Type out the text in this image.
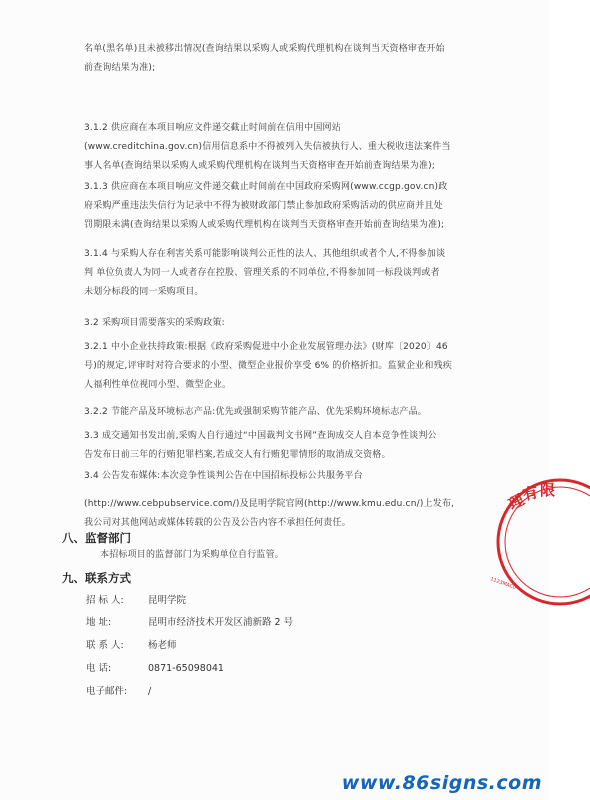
名单(黑名单)且未被移出情况(查询结果以采购人或采购代理机构在谈判当天资格审查开始
前查询结果为准);
3.1.2 供应商在本项目响应文件递交截止时间前在信用中国网站
(www.creditchina.gov.cn)信用信息系中不得被列入失信被执行人、重大税收违法案件当
事人名单(查询结果以采购人或采购代理机构在谈判当天资格审查开始前查询结果为准);
3.1.3 供应商在本项目响应文件递交截止时间前在中国政府采购网(www.ccgp.gov.cn)政
府采购严重违法失信行为记录中不得为被财政部门禁止参加政府采购活动的供应商并且处
罚期限未满(查询结果以采购人或采购代理机构在谈判当天资格审查开始前查询结果为准);
3.1.4 与采购人存在利害关系可能影响谈判公正性的法人、其他组织或者个人,不得参加谈
判 单位负责人为同一人或者存在控股、管理关系的不同单位,不得参加同一标段谈判或者
未划分标段的同一采购项目。
3.2 采购项目需要落实的采购政策:
3.2.1 中小企业扶持政策:根据《政府采购促进中小企业发展管理办法》(财库〔2020〕46
号)的规定,评审时对符合要求的小型、微型企业报价享受 6% 的价格折扣。监狱企业和残疾
人福利性单位视同小型、微型企业。
3.2.2 节能产品及环境标志产品:优先或强制采购节能产品、优先采购环境标志产品。
3.3 成交通知书发出前,采购人自行通过“中国裁判文书网”查询成交人自本竞争性谈判公
告发布日前三年的行贿犯罪档案,若成交人有行贿犯罪情形的取消成交资格。
3.4 公告发布媒体:本次竞争性谈判公告在中国招标投标公共服务平台
(http://www.cebpubservice.com/)及昆明学院官网(http://www.kmu.edu.cn/)上发布,
我公司对其他网站或媒体转载的公告及公告内容不承担任何责任。
八、监督部门
本招标项目的监督部门为采购单位自行监管。
九、联系方式
招 标 人:	昆明学院
地 址:	昆明市经济技术开发区浦新路 2 号
联 系 人:	杨老师
电 话:	0871-65098041
电子邮件: /
理
有 限
1123MAC0
www.86signs.com
